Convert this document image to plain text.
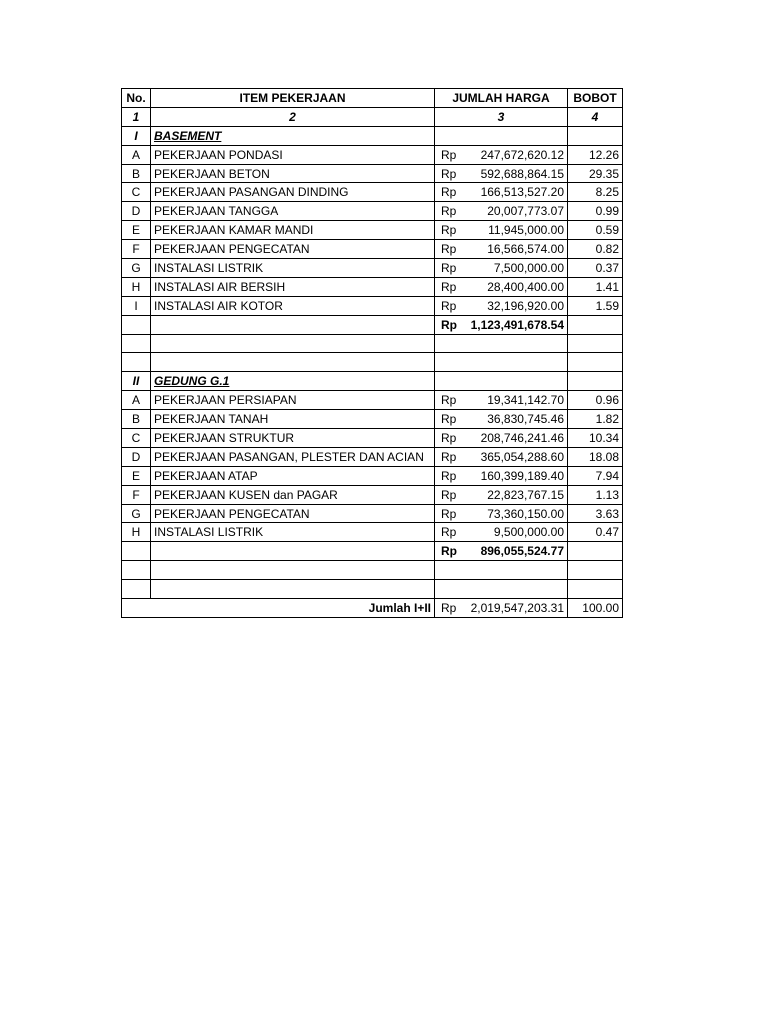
No.	ITEM PEKERJAAN	JUMLAH HARGA	BOBOT
1	2	3	4
I	BASEMENT		
A	PEKERJAAN PONDASI	Rp 247,672,620.12	12.26
B	PEKERJAAN BETON	Rp 592,688,864.15	29.35
C	PEKERJAAN PASANGAN DINDING	Rp 166,513,527.20	8.25
D	PEKERJAAN TANGGA	Rp 20,007,773.07	0.99
E	PEKERJAAN KAMAR MANDI	Rp 11,945,000.00	0.59
F	PEKERJAAN PENGECATAN	Rp 16,566,574.00	0.82
G	INSTALASI LISTRIK	Rp 7,500,000.00	0.37
H	INSTALASI AIR BERSIH	Rp 28,400,400.00	1.41
I	INSTALASI AIR KOTOR	Rp 32,196,920.00	1.59

		Rp 1,123,491,678.54	

II	GEDUNG G.1		
A	PEKERJAAN PERSIAPAN	Rp 19,341,142.70	0.96
B	PEKERJAAN TANAH	Rp 36,830,745.46	1.82
C	PEKERJAAN STRUKTUR	Rp 208,746,241.46	10.34
D	PEKERJAAN PASANGAN, PLESTER DAN ACIAN	Rp 365,054,288.60	18.08
E	PEKERJAAN ATAP	Rp 160,399,189.40	7.94
F	PEKERJAAN KUSEN dan PAGAR	Rp 22,823,767.15	1.13
G	PEKERJAAN PENGECATAN	Rp 73,360,150.00	3.63
H	INSTALASI LISTRIK	Rp 9,500,000.00	0.47

		Rp 896,055,524.77	

Jumlah I+II		Rp 2,019,547,203.31	100.00
